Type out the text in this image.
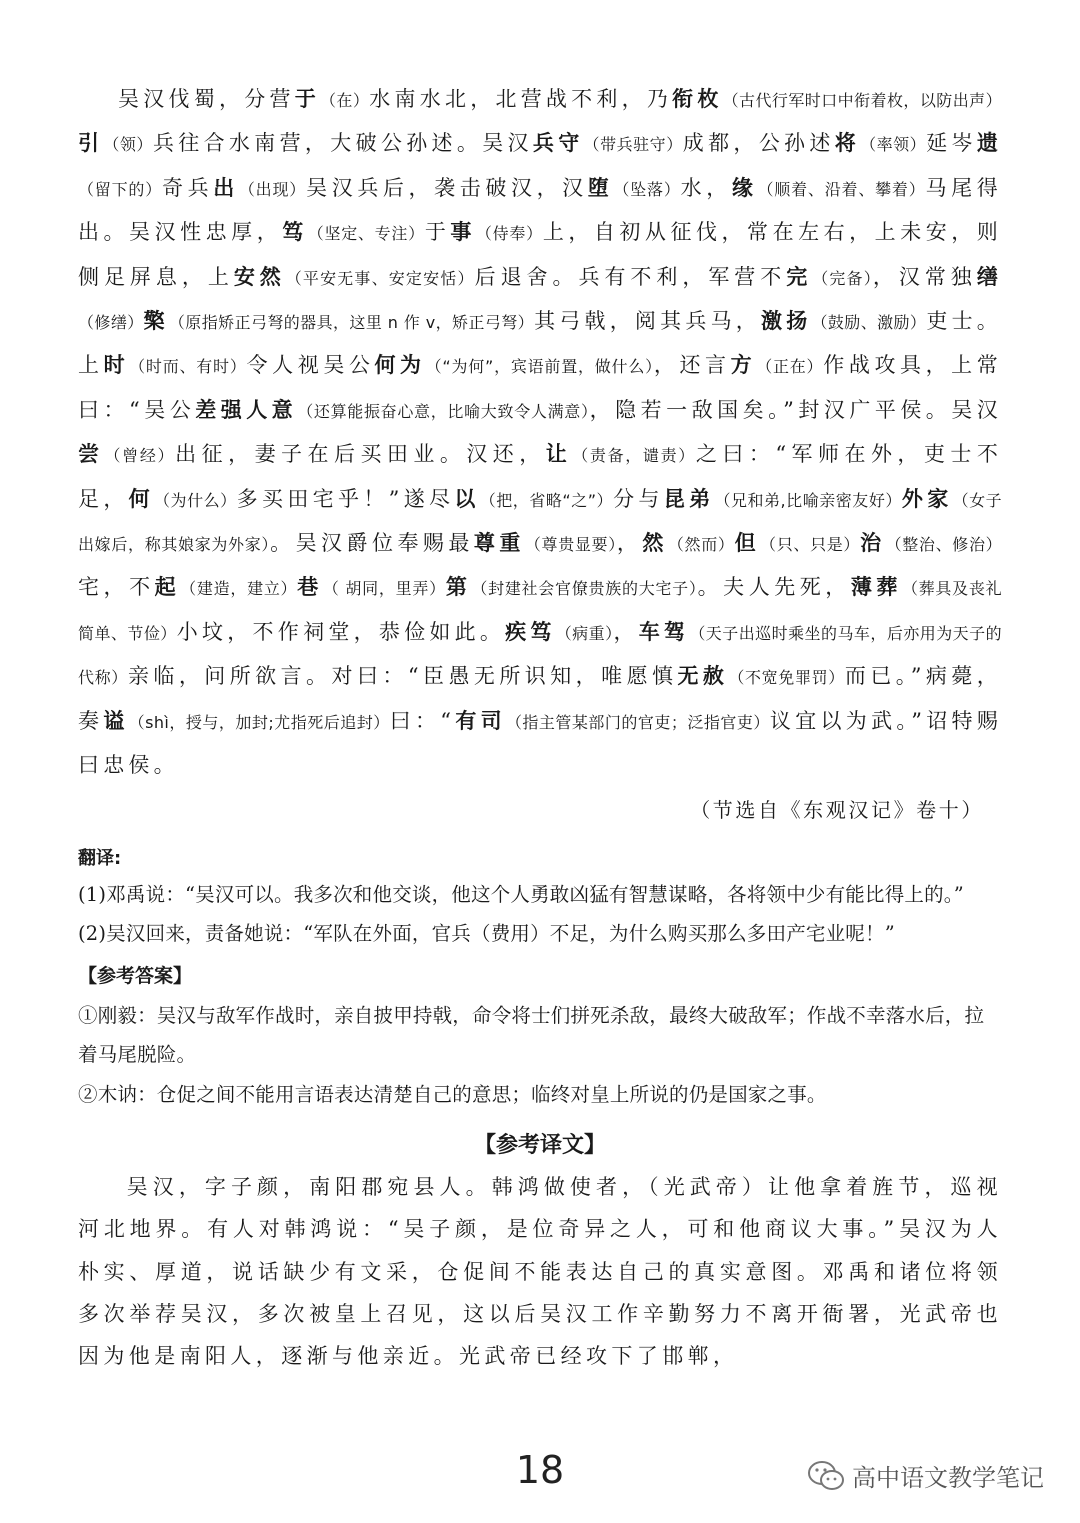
吴汉伐蜀，分营于（在）水南水北，北营战不利，乃衔枚（古代行军时口中衔着枚，以防出声）引（领）兵往合水南营，大破公孙述。吴汉兵守（带兵驻守）成都，公孙述将（率领）延岑遗（留下的）奇兵出（出现）吴汉兵后，袭击破汉，汉堕（坠落）水，缘（顺着、沿着、攀着）马尾得出。吴汉性忠厚，笃（坚定、专注）于事（侍奉）上，自初从征伐，常在左右，上未安，则侧足屏息，上安然（平安无事、安定安恬）后退舍。兵有不利，军营不完（完备），汉常独缮（修缮）檠（原指矫正弓弩的器具，这里 n 作 v，矫正弓弩）其弓戟，阅其兵马，激扬（鼓励、激励）吏士。上时（时而、有时）令人视吴公何为（“为何”，宾语前置，做什么），还言方（正在）作战攻具，上常曰：“吴公差强人意（还算能振奋心意，比喻大致令人满意），隐若一敌国矣。”封汉广平侯。吴汉尝（曾经）出征，妻子在后买田业。汉还，让（责备，谴责）之曰：“军师在外，吏士不足，何（为什么）多买田宅乎！”遂尽以（把，省略“之”）分与昆弟（兄和弟,比喻亲密友好）外家（女子出嫁后，称其娘家为外家）。吴汉爵位奉赐最尊重（尊贵显要），然（然而）但（只、只是）治（整治、修治）宅，不起（建造，建立）巷（ 胡同，里弄）第（封建社会官僚贵族的大宅子）。夫人先死，薄葬（葬具及丧礼简单、节俭）小坟，不作祠堂，恭俭如此。疾笃（病重），车驾（天子出巡时乘坐的马车，后亦用为天子的代称）亲临，问所欲言。对曰：“臣愚无所识知，唯愿慎无赦（不宽免罪罚）而已。”病薨，奏谥（shì，授与，加封;尤指死后追封）曰：“有司（指主管某部门的官吏；泛指官吏）议宜以为武。”诏特赐曰忠侯。

（节选自《东观汉记》卷十）
翻译:

(1)邓禹说：“吴汉可以。我多次和他交谈，他这个人勇敢凶猛有智慧谋略，各将领中少有能比得上的。”

(2)吴汉回来，责备她说：“军队在外面，官兵（费用）不足，为什么购买那么多田产宅业呢！”

【参考答案】

①刚毅：吴汉与敌军作战时，亲自披甲持戟，命令将士们拼死杀敌，最终大破敌军；作战不幸落水后，拉着马尾脱险。

②木讷：仓促之间不能用言语表达清楚自己的意思；临终对皇上所说的仍是国家之事。

【参考译文】

吴汉，字子颜，南阳郡宛县人。韩鸿做使者，（光武帝）让他拿着旌节，巡视河北地界。有人对韩鸿说：“吴子颜，是位奇异之人，可和他商议大事。”吴汉为人朴实、厚道，说话缺少有文采，仓促间不能表达自己的真实意图。邓禹和诸位将领多次举荐吴汉，多次被皇上召见，这以后吴汉工作辛勤努力不离开衙署，光武帝也因为他是南阳人，逐渐与他亲近。光武帝已经攻下了邯郸，

18	高中语文教学笔记
